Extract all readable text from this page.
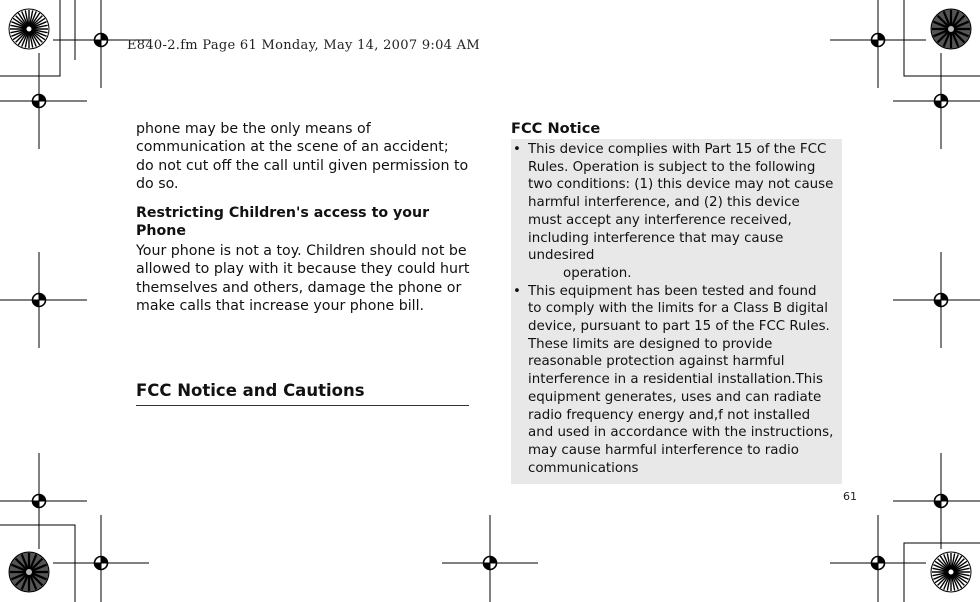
E840-2.fm Page 61 Monday, May 14, 2007 9:04 AM

phone may be the only means of communication at the scene of an accident; do not cut off the call until given permission to do so.

Restricting Children's access to your Phone

Your phone is not a toy. Children should not be allowed to play with it because they could hurt themselves and others, damage the phone or make calls that increase your phone bill.

FCC Notice and Cautions
FCC Notice
• This device complies with Part 15 of the FCC Rules. Operation is subject to the following two conditions: (1) this device may not cause harmful interference, and (2) this device must accept any interference received, including interference that may cause undesired
operation.
• This equipment has been tested and found to comply with the limits for a Class B digital device, pursuant to part 15 of the FCC Rules. These limits are designed to provide reasonable protection against harmful interference in a residential installation.This equipment generates, uses and can radiate radio frequency energy and,f not installed and used in accordance with the instructions, may cause harmful interference to radio communications
61
